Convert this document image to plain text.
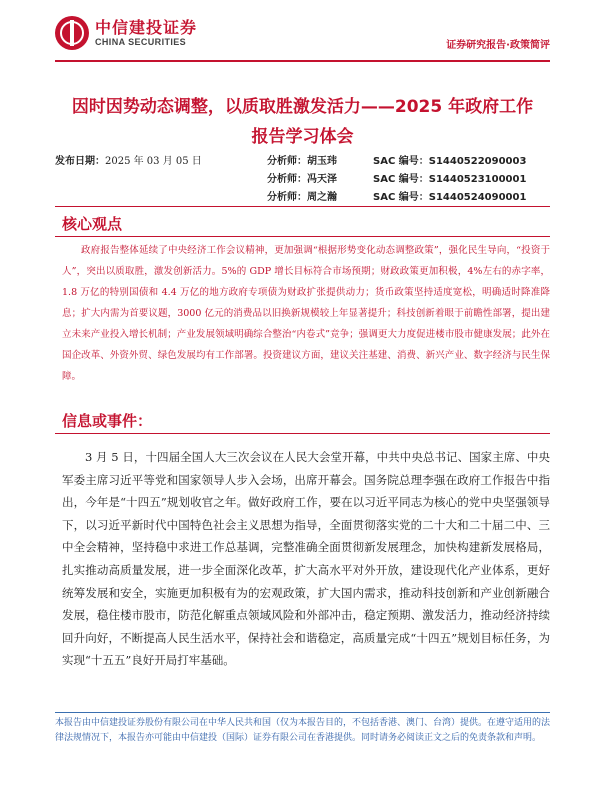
中信建投证券
CHINA SECURITIES	证券研究报告·政策简评
因时因势动态调整，以质取胜激发活力——2025 年政府工作
报告学习体会
发布日期：2025 年 03 月 05 日	分析师：胡玉玮	SAC 编号：S1440522090003
分析师：冯天泽	SAC 编号：S1440523100001
分析师：周之瀚	SAC 编号：S1440524090001
核心观点

政府报告整体延续了中央经济工作会议精神，更加强调“根据形势变化动态调整政策”，强化民生导向，“投资于人”，突出以质取胜，激发创新活力。5%的 GDP 增长目标符合市场预期；财政政策更加积极，4%左右的赤字率，1.8 万亿的特别国债和 4.4 万亿的地方政府专项债为财政扩张提供动力；货币政策坚持适度宽松，明确适时降准降息；扩大内需为首要议题，3000 亿元的消费品以旧换新规模较上年显著提升；科技创新着眼于前瞻性部署，提出建立未来产业投入增长机制；产业发展领域明确综合整治“内卷式”竞争；强调更大力度促进楼市股市健康发展；此外在国企改革、外资外贸、绿色发展均有工作部署。投资建议方面，建议关注基建、消费、新兴产业、数字经济与民生保障。

信息或事件：

3 月 5 日，十四届全国人大三次会议在人民大会堂开幕，中共中央总书记、国家主席、中央军委主席习近平等党和国家领导人步入会场，出席开幕会。国务院总理李强在政府工作报告中指出，今年是“十四五”规划收官之年。做好政府工作，要在以习近平同志为核心的党中央坚强领导下，以习近平新时代中国特色社会主义思想为指导，全面贯彻落实党的二十大和二十届二中、三中全会精神，坚持稳中求进工作总基调，完整准确全面贯彻新发展理念，加快构建新发展格局，扎实推动高质量发展，进一步全面深化改革，扩大高水平对外开放，建设现代化产业体系，更好统筹发展和安全，实施更加积极有为的宏观政策，扩大国内需求，推动科技创新和产业创新融合发展，稳住楼市股市，防范化解重点领域风险和外部冲击，稳定预期、激发活力，推动经济持续回升向好，不断提高人民生活水平，保持社会和谐稳定，高质量完成“十四五”规划目标任务，为实现“十五五”良好开局打牢基础。

本报告由中信建投证券股份有限公司在中华人民共和国（仅为本报告目的，不包括香港、澳门、台湾）提供。在遵守适用的法律法规情况下，本报告亦可能由中信建投（国际）证券有限公司在香港提供。同时请务必阅读正文之后的免责条款和声明。
